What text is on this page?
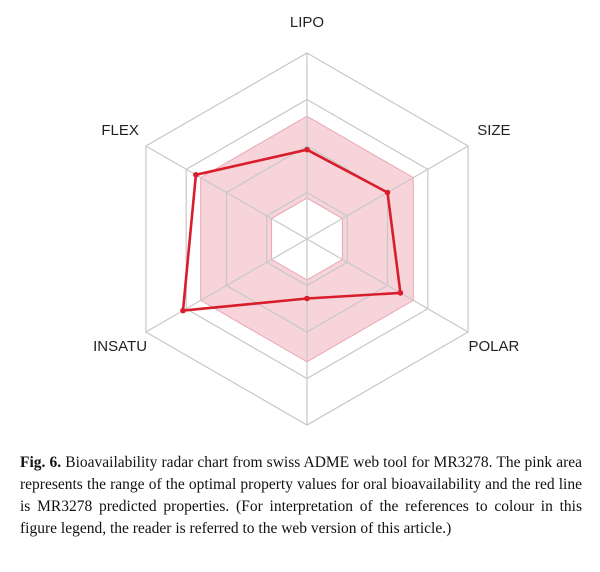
LIPO
SIZE
POLAR
INSATU
FLEX
Fig. 6. Bioavailability radar chart from swiss ADME web tool for MR3278. The pink area represents the range of the optimal property values for oral bioavailability and the red line is MR3278 predicted properties. (For interpretation of the references to colour in this figure legend, the reader is referred to the web version of this article.)
